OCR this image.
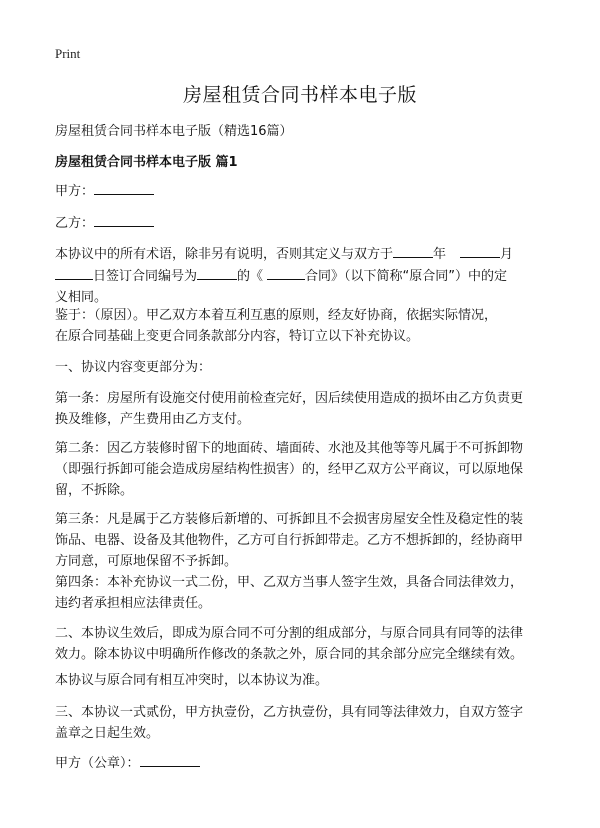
Print
房屋租赁合同书样本电子版
房屋租赁合同书样本电子版（精选16篇）
房屋租赁合同书样本电子版 篇1
甲方：
乙方：
本协议中的所有术语，除非另有说明，否则其定义与双方于	年	月
日签订合同编号为	的《	合同》（以下简称“原合同”）中的定
义相同。
鉴于：（原因）。甲乙双方本着互利互惠的原则，经友好协商，依据实际情况，
在原合同基础上变更合同条款部分内容，特订立以下补充协议。
一、协议内容变更部分为：
第一条：房屋所有设施交付使用前检查完好，因后续使用造成的损坏由乙方负责更
换及维修，产生费用由乙方支付。
第二条：因乙方装修时留下的地面砖、墙面砖、水池及其他等等凡属于不可拆卸物
（即强行拆卸可能会造成房屋结构性损害）的，经甲乙双方公平商议，可以原地保
留，不拆除。
第三条：凡是属于乙方装修后新增的、可拆卸且不会损害房屋安全性及稳定性的装
饰品、电器、设备及其他物件，乙方可自行拆卸带走。乙方不想拆卸的，经协商甲
方同意，可原地保留不予拆卸。
第四条：本补充协议一式二份，甲、乙双方当事人签字生效，具备合同法律效力，
违约者承担相应法律责任。
二、本协议生效后，即成为原合同不可分割的组成部分，与原合同具有同等的法律
效力。除本协议中明确所作修改的条款之外，原合同的其余部分应完全继续有效。
本协议与原合同有相互冲突时，以本协议为准。
三、本协议一式贰份，甲方执壹份，乙方执壹份，具有同等法律效力，自双方签字
盖章之日起生效。
甲方（公章）：
